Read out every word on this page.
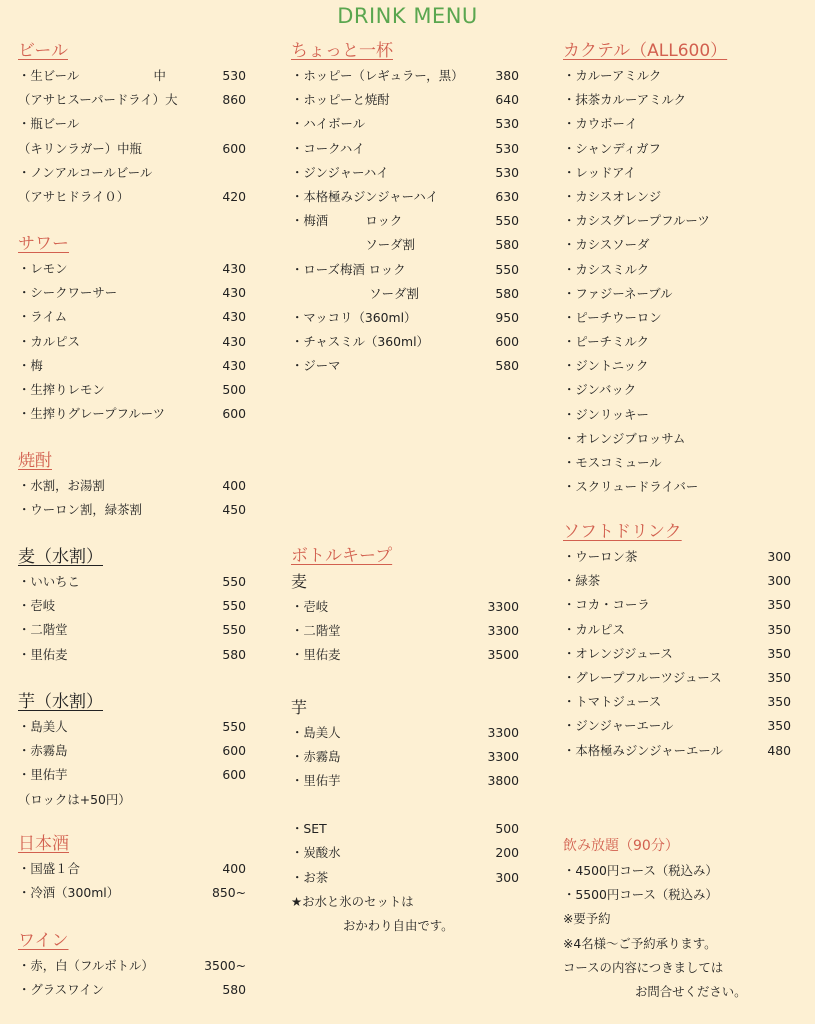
DRINK MENU
ビール
・生ビール　　　　　　中	530
（アサヒスーパードライ）大	860
・瓶ビール
（キリンラガー）中瓶	600
・ノンアルコールビール
（アサヒドライ０）	420
サワー
・レモン	430
・シークワーサー	430
・ライム	430
・カルピス	430
・梅	430
・生搾りレモン	500
・生搾りグレープフルーツ	600
焼酎
・水割，お湯割	400
・ウーロン割，緑茶割	450
麦（水割）
・いいちこ	550
・壱岐	550
・二階堂	550
・里佑麦	580
芋（水割）
・島美人	550
・赤霧島	600
・里佑芋	600
（ロックは+50円）
日本酒
・国盛１合	400
・冷酒（300ml）	850~
ワイン
・赤，白（フルボトル）	3500~
・グラスワイン	580
ちょっと一杯
・ホッピー（レギュラー，黒）	380
・ホッピーと焼酎	640
・ハイボール	530
・コークハイ	530
・ジンジャーハイ	530
・本格極みジンジャーハイ	630
・梅酒　　　ロック	550
　　　　　　ソーダ割	580
・ローズ梅酒 ロック	550
　　　　　　 ソーダ割	580
・マッコリ（360ml）	950
・チャスミル（360ml）	600
・ジーマ	580
ボトルキープ
麦
・壱岐	3300
・二階堂	3300
・里佑麦	3500
芋
・島美人	3300
・赤霧島	3300
・里佑芋	3800
・SET	500
・炭酸水	200
・お茶	300
★お水と氷のセットは
おかわり自由です。
カクテル（ALL600）
・カルーアミルク
・抹茶カルーアミルク
・カウボーイ
・シャンディガフ
・レッドアイ
・カシスオレンジ
・カシスグレープフルーツ
・カシスソーダ
・カシスミルク
・ファジーネーブル
・ピーチウーロン
・ピーチミルク
・ジントニック
・ジンバック
・ジンリッキー
・オレンジブロッサム
・モスコミュール
・スクリュードライバー
ソフトドリンク
・ウーロン茶	300
・緑茶	300
・コカ・コーラ	350
・カルピス	350
・オレンジジュース	350
・グレープフルーツジュース	350
・トマトジュース	350
・ジンジャーエール	350
・本格極みジンジャーエール	480
飲み放題（90分）
・4500円コース（税込み）
・5500円コース（税込み）
※要予約
※4名様～ご予約承ります。
コースの内容につきましては
お問合せください。
